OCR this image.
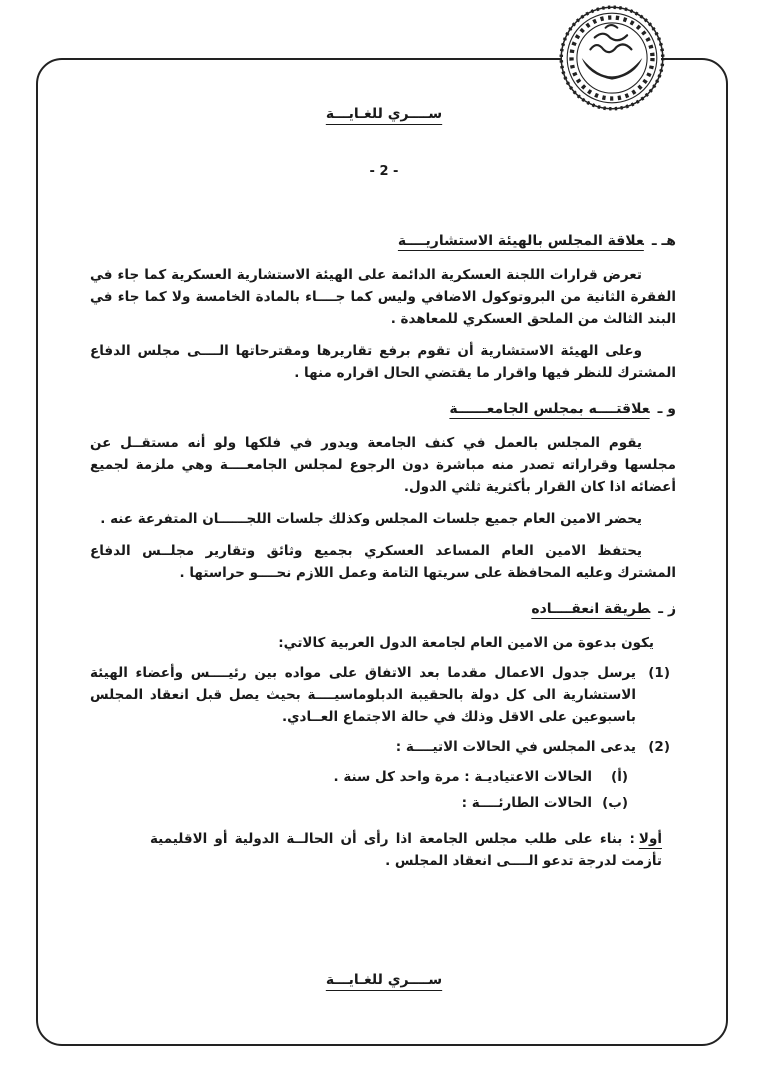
ســــري للغـايـــة
- 2 -
هـ ـعلاقة المجلس بالهيئة الاستشاريــــة

تعرض قرارات اللجنة العسكرية الدائمة على الهيئة الاستشارية العسكرية كما جاء في الفقرة الثانية من البروتوكول الاضافي وليس كما جــــاء بالمادة الخامسة ولا كما جاء في البند الثالث من الملحق العسكري للمعاهدة .

وعلى الهيئة الاستشارية أن تقوم برفع تقاريرها ومقترحاتها الــــى مجلس الدفاع المشترك للنظر فيها واقرار ما يقتضي الحال اقراره منها .

و ـعلاقتــــه بمجلس الجامعــــــة

يقوم المجلس بالعمل في كنف الجامعة ويدور في فلكها ولو أنه مستقــل عن مجلسها وقراراته تصدر منه مباشرة دون الرجوع لمجلس الجامعــــة وهي ملزمة لجميع أعضائه اذا كان القرار بأكثرية ثلثي الدول.

يحضر الامين العام جميع جلسات المجلس وكذلك جلسات اللجــــــان المتفرعة عنه .

يحتفظ الامين العام المساعد العسكري بجميع وثائق وتقارير مجلــس الدفاع المشترك وعليه المحافظة على سريتها التامة وعمل اللازم نحــــو حراستها .

ز ـطريقة انعقــــاده

يكون بدعوة من الامين العام لجامعة الدول العربية كالاتي:

(1)
يرسل جدول الاعمال مقدما بعد الاتفاق على مواده بين رئيــــس وأعضاء الهيئة الاستشارية الى كل دولة بالحقيبة الدبلوماسيــــة بحيث يصل قبل انعقاد المجلس باسبوعين على الاقل وذلك في حالة الاجتماع العــادي.
(2)
يدعى المجلس في الحالات الاتيــــة :
(أ)
الحالات الاعتياديـة : مرة واحد كل سنة .
(ب)
الحالات الطارئــــة :
أولا: بناء على طلب مجلس الجامعة اذا رأى أن الحالــة الدولية أو الاقليمية تأزمت لدرجة تدعو الــــى انعقاد المجلس .
ســــري للغـايـــة
